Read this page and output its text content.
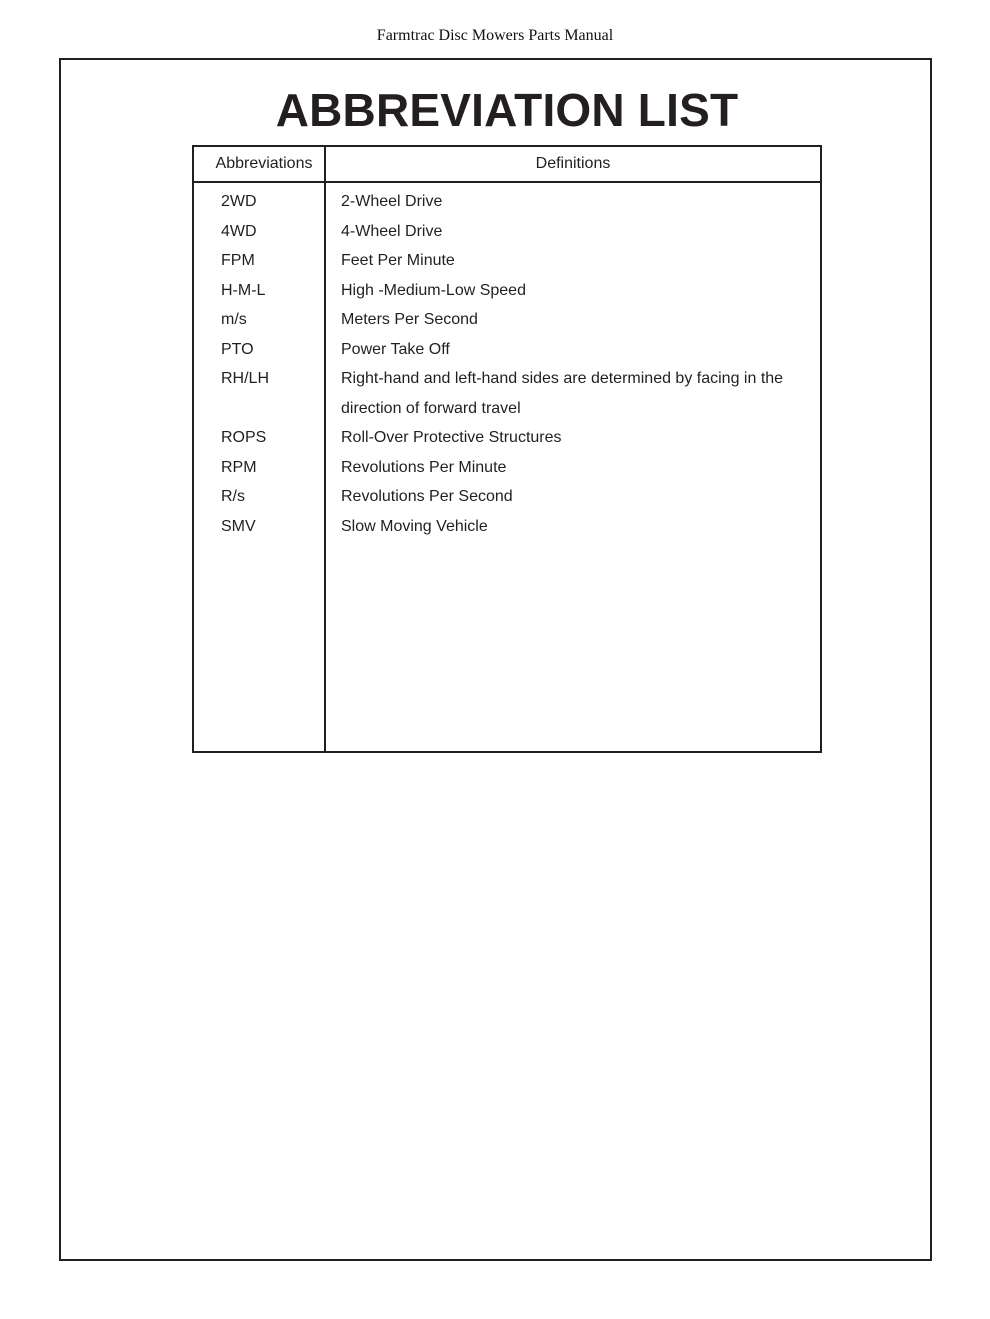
Farmtrac Disc Mowers Parts Manual
ABBREVIATION LIST
Abbreviations	Definitions
2WD	2-Wheel Drive
4WD	4-Wheel Drive
FPM	Feet Per Minute
H-M-L	High -Medium-Low Speed
m/s	Meters Per Second
PTO	Power Take Off
RH/LH	Right-hand and left-hand sides are determined by facing in the direction of forward travel
ROPS	Roll-Over Protective Structures
RPM	Revolutions Per Minute
R/s	Revolutions Per Second
SMV	Slow Moving Vehicle
